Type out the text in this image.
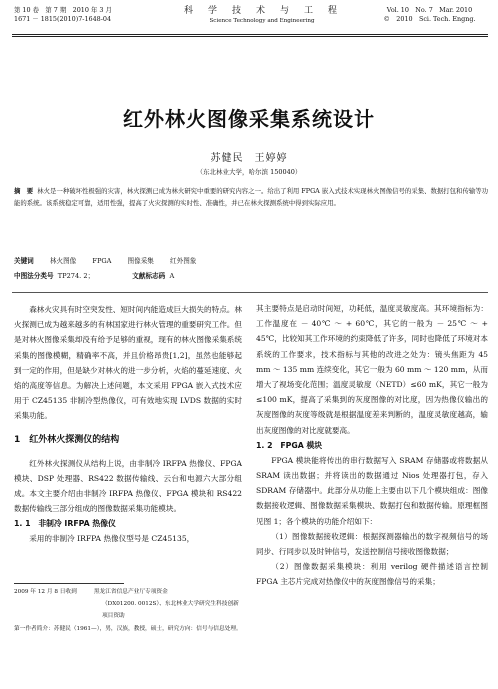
第 10 卷　第 7 期　2010 年 3 月
1671 － 1815(2010)7-1648-04
科　学　技　术　与　工　程
Science Technology and Engineering
Vol. 10　No. 7　Mar. 2010
©　2010　Sci. Tech. Engng.
红外林火图像采集系统设计
苏健民　王婷婷
（东北林业大学，哈尔滨 150040）
摘　要 林火是一种破坏性极强的灾害，林火探测已成为林火研究中重要的研究内容之一。给出了利用 FPGA 嵌入式技术实现林火图像信号的采集、数据打包和传输等功能的系统。该系统稳定可靠，适用性强，提高了火灾探测的实时性、准确性，并已在林火探测系统中得到实际应用。
关键词 林火图像 FPGA 图像采集 红外图象
中图法分类号 TP274. 2；	文献标志码 A

森林火灾具有时空突发性、短时间内能造成巨大损失的特点。林火探测已成为越来越多的有林国家进行林火管理的重要研究工作。但是对林火图像采集却没有给予足够的重视，现有的林火图像采集系统采集的图像模糊，精确率不高，并且价格昂贵[1,2]，虽然也能够起到一定的作用，但是缺少对林火的进一步分析，火焰的蔓延速度、火焰的高度等信息。为解决上述问题，本文采用 FPGA 嵌入式技术应用于 CZ45135 非制冷型热像仪，可有效地实现 LVDS 数据的实时采集功能。

1　红外林火探测仪的结构

红外林火探测仪从结构上说，由非制冷 IRFPA 热像仪、FPGA 模块、DSP 处理器、RS422 数据传输线、云台和电源六大部分组成。本文主要介绍由非制冷 IRFPA 热像仪、FPGA 模块和 RS422 数据传输线三部分组成的图像数据采集功能模块。

1. 1　非制冷 IRFPA 热像仪

采用的非制冷 IRFPA 热像仪型号是 CZ45135，

2009 年 12 月 8 日收到　　　	黑龙江省信息产业厅专项资金
（DX01200. 0012S）、东北林业大学研究生科技创新项目资助
第一作者简介：苏健民（1961—），男，汉族，教授，硕士，研究方向：信号与信息处理。

其主要特点是启动时间短，功耗低，温度灵敏度高。其环境指标为：工作温度在 － 40℃ ～ + 60℃，其它的一般为 － 25℃ ～ + 45℃，比较知其工作环境的约束降低了许多，同时也降低了环境对本系统的工作要求，技术指标与其他的改进之处为：镜头焦距为 45 mm ～ 135 mm 连续变化，其它一般为 60 mm ～ 120 mm，从而增大了视场变化范围；温度灵敏度（NETD）≤60 mK，其它一般为≤100 mK，提高了采集到的灰度图像的对比度，因为热像仪输出的灰度图像的灰度等级就是根据温度差来判断的，温度灵敏度越高，输出灰度图像的对比度就要高。

1. 2　FPGA 模块

FPGA 模块能将传出的串行数据写入 SRAM 存储器或将数据从 SRAM 读出数据；并将读出的数据通过 Nios 处理器打包，存入 SDRAM 存储器中。此部分从功能上主要由以下几个模块组成：图像数据接收逻辑、图像数据采集模块、数据打包和数据传输。原理框图见图 1；各个模块的功能介绍如下：

（1）图像数据接收逻辑：根据探测器输出的数字视频信号的场同步、行同步以及时钟信号，发送控制信号接收图像数据；

（2）图像数据采集模块：利用 verilog 硬件描述语言控制 FPGA 主芯片完成对热像仪中的灰度图像信号的采集；
